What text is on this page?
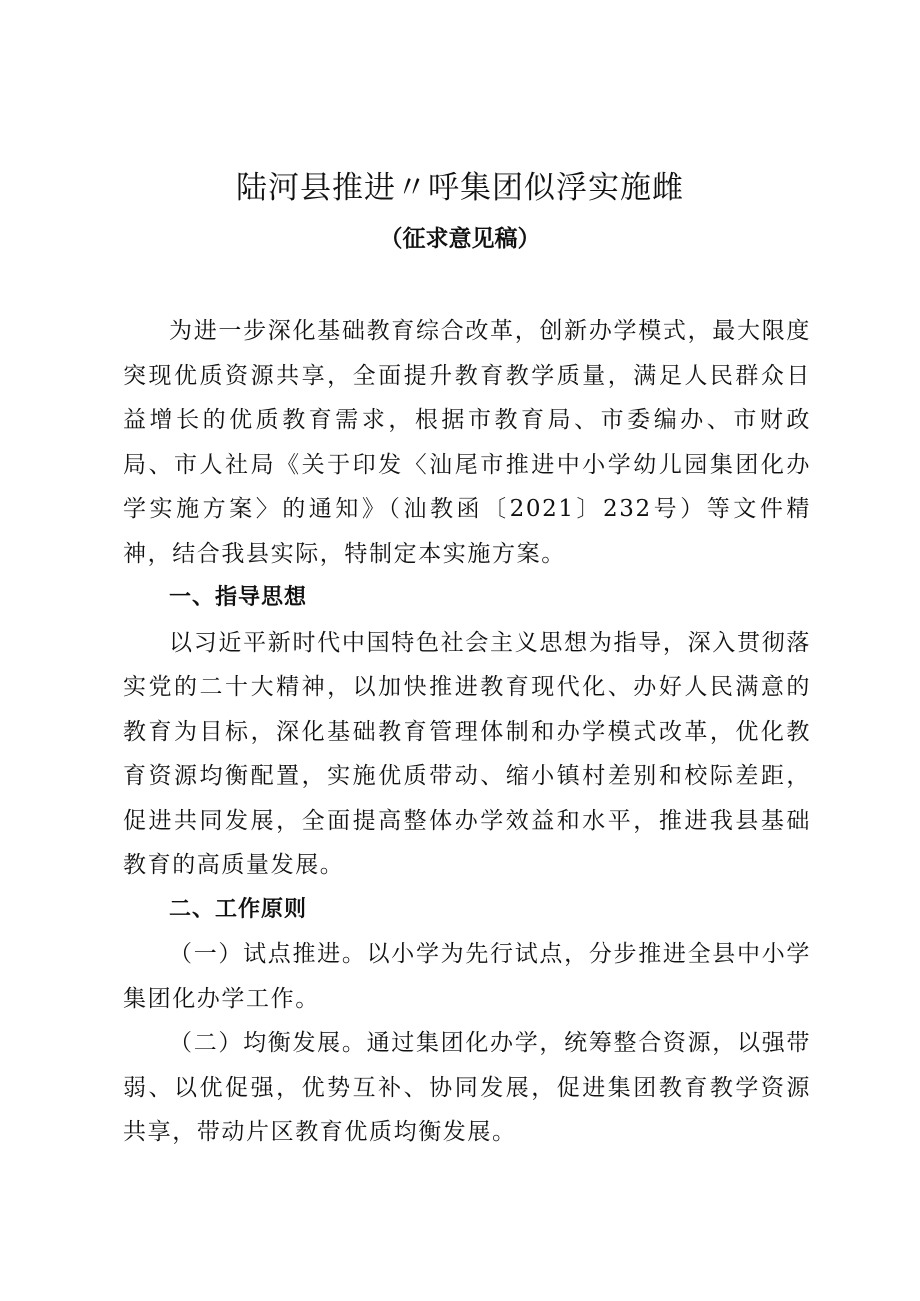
陆河县推进〃呼集团似浮实施雌
（征求意见稿）

为进一步深化基础教育综合改革，创新办学模式，最大限度突现优质资源共享，全面提升教育教学质量，满足人民群众日益增长的优质教育需求，根据市教育局、市委编办、市财政局、市人社局《关于印发〈汕尾市推进中小学幼儿园集团化办学实施方案〉的通知》（汕教函〔2021〕232号）等文件精神，结合我县实际，特制定本实施方案。

一、指导思想

以习近平新时代中国特色社会主义思想为指导，深入贯彻落实党的二十大精神，以加快推进教育现代化、办好人民满意的教育为目标，深化基础教育管理体制和办学模式改革，优化教育资源均衡配置，实施优质带动、缩小镇村差别和校际差距，促进共同发展，全面提高整体办学效益和水平，推进我县基础教育的高质量发展。

二、工作原则

（一）试点推进。以小学为先行试点，分步推进全县中小学集团化办学工作。

（二）均衡发展。通过集团化办学，统筹整合资源，以强带弱、以优促强，优势互补、协同发展，促进集团教育教学资源共享，带动片区教育优质均衡发展。
